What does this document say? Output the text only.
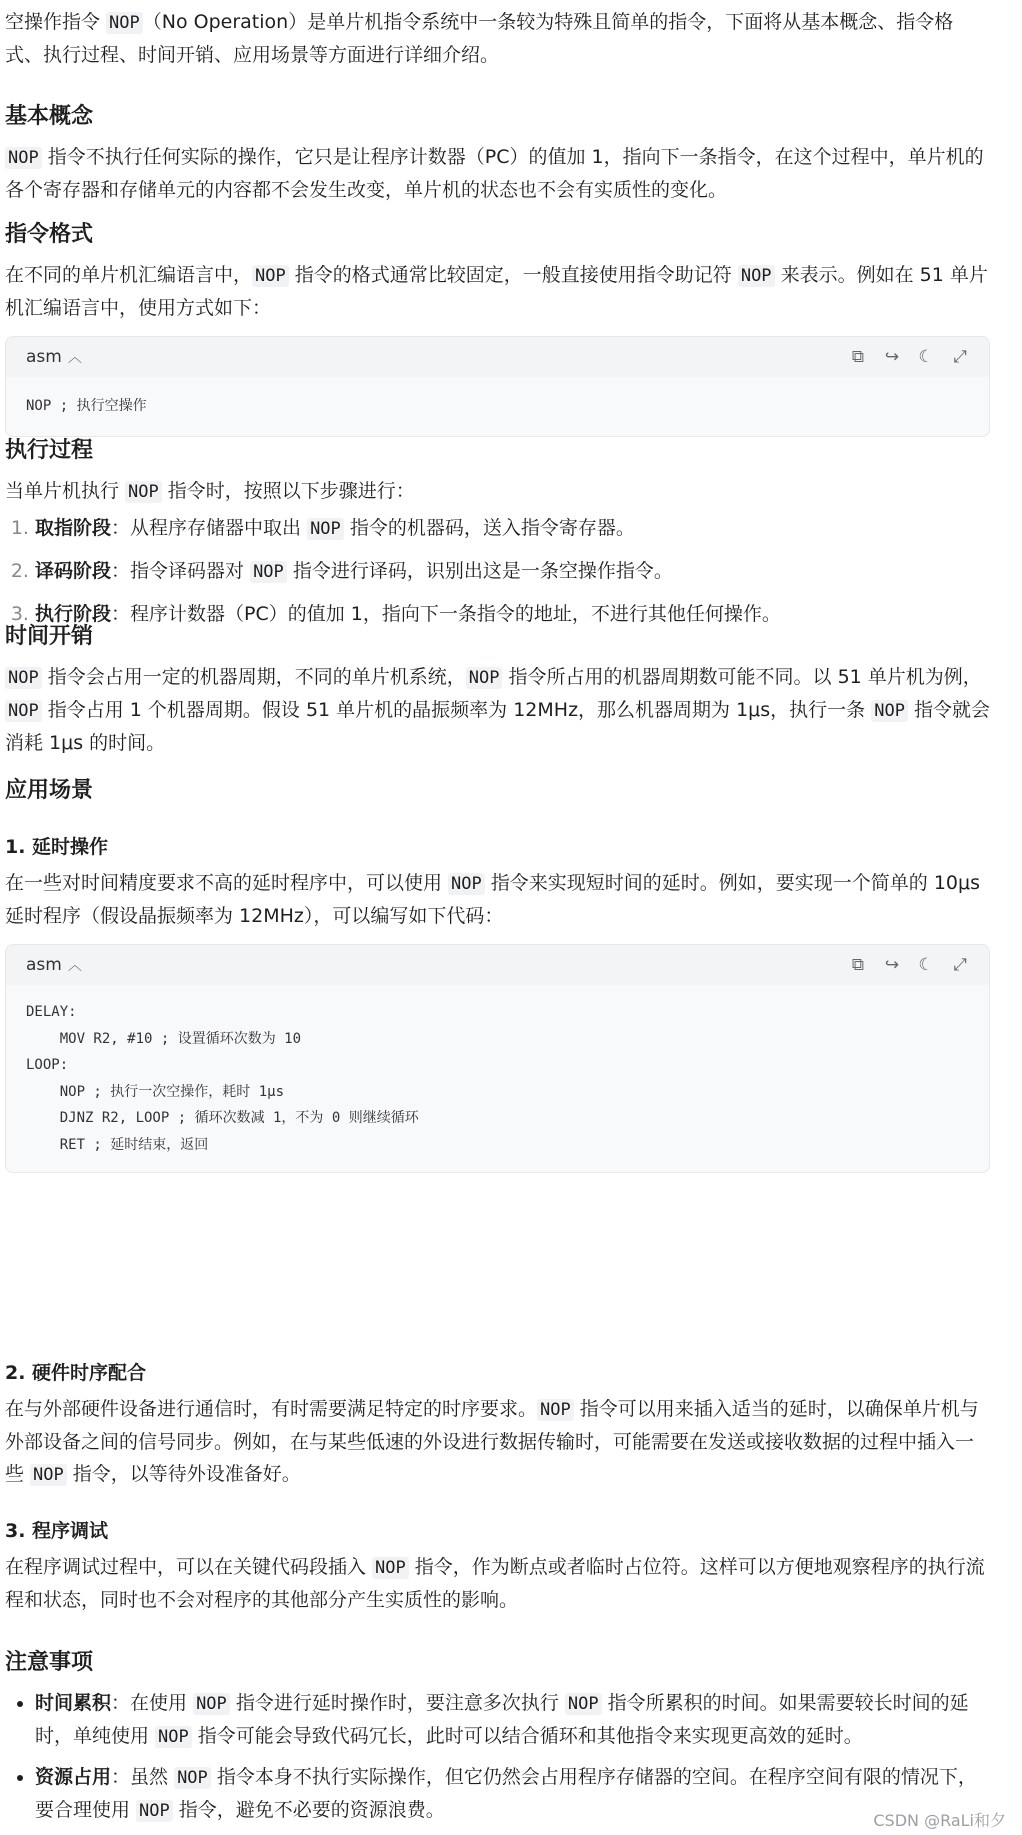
空操作指令 NOP （No Operation）是单片机指令系统中一条较为特殊且简单的指令，下面将从基本概念、指令格式、执行过程、时间开销、应用场景等方面进行详细介绍。

基本概念

NOP 指令不执行任何实际的操作，它只是让程序计数器（PC）的值加 1，指向下一条指令，在这个过程中，单片机的各个寄存器和存储单元的内容都不会发生改变，单片机的状态也不会有实质性的变化。

指令格式

在不同的单片机汇编语言中， NOP 指令的格式通常比较固定，一般直接使用指令助记符 NOP 来表示。例如在 51 单片机汇编语言中，使用方式如下：

asm ︿	⧉ ↪ ☾ ⤢
NOP ; 执行空操作
执行过程

当单片机执行 NOP 指令时，按照以下步骤进行：

1. 取指阶段：从程序存储器中取出 NOP 指令的机器码，送入指令寄存器。
2. 译码阶段：指令译码器对 NOP 指令进行译码，识别出这是一条空操作指令。
3. 执行阶段：程序计数器（PC）的值加 1，指向下一条指令的地址，不进行其他任何操作。
时间开销

NOP 指令会占用一定的机器周期，不同的单片机系统， NOP 指令所占用的机器周期数可能不同。以 51 单片机为例，NOP 指令占用 1 个机器周期。假设 51 单片机的晶振频率为 12MHz，那么机器周期为 1μs，执行一条 NOP 指令就会消耗 1μs 的时间。

应用场景
1. 延时操作

在一些对时间精度要求不高的延时程序中，可以使用 NOP 指令来实现短时间的延时。例如，要实现一个简单的 10μs 延时程序（假设晶振频率为 12MHz），可以编写如下代码：

asm ︿	⧉ ↪ ☾ ⤢
DELAY:
MOV R2, #10 ; 设置循环次数为 10
LOOP:
NOP ; 执行一次空操作，耗时 1μs
DJNZ R2, LOOP ; 循环次数减 1，不为 0 则继续循环
RET ; 延时结束，返回
2. 硬件时序配合

在与外部硬件设备进行通信时，有时需要满足特定的时序要求。 NOP 指令可以用来插入适当的延时，以确保单片机与外部设备之间的信号同步。例如，在与某些低速的外设进行数据传输时，可能需要在发送或接收数据的过程中插入一些 NOP 指令，以等待外设准备好。

3. 程序调试

在程序调试过程中，可以在关键代码段插入 NOP 指令，作为断点或者临时占位符。这样可以方便地观察程序的执行流程和状态，同时也不会对程序的其他部分产生实质性的影响。

注意事项
• 时间累积：在使用 NOP 指令进行延时操作时，要注意多次执行 NOP 指令所累积的时间。如果需要较长时间的延时，单纯使用 NOP 指令可能会导致代码冗长，此时可以结合循环和其他指令来实现更高效的延时。
• 资源占用：虽然 NOP 指令本身不执行实际操作，但它仍然会占用程序存储器的空间。在程序空间有限的情况下，要合理使用 NOP 指令，避免不必要的资源浪费。	CSDN @RaLi和夕
